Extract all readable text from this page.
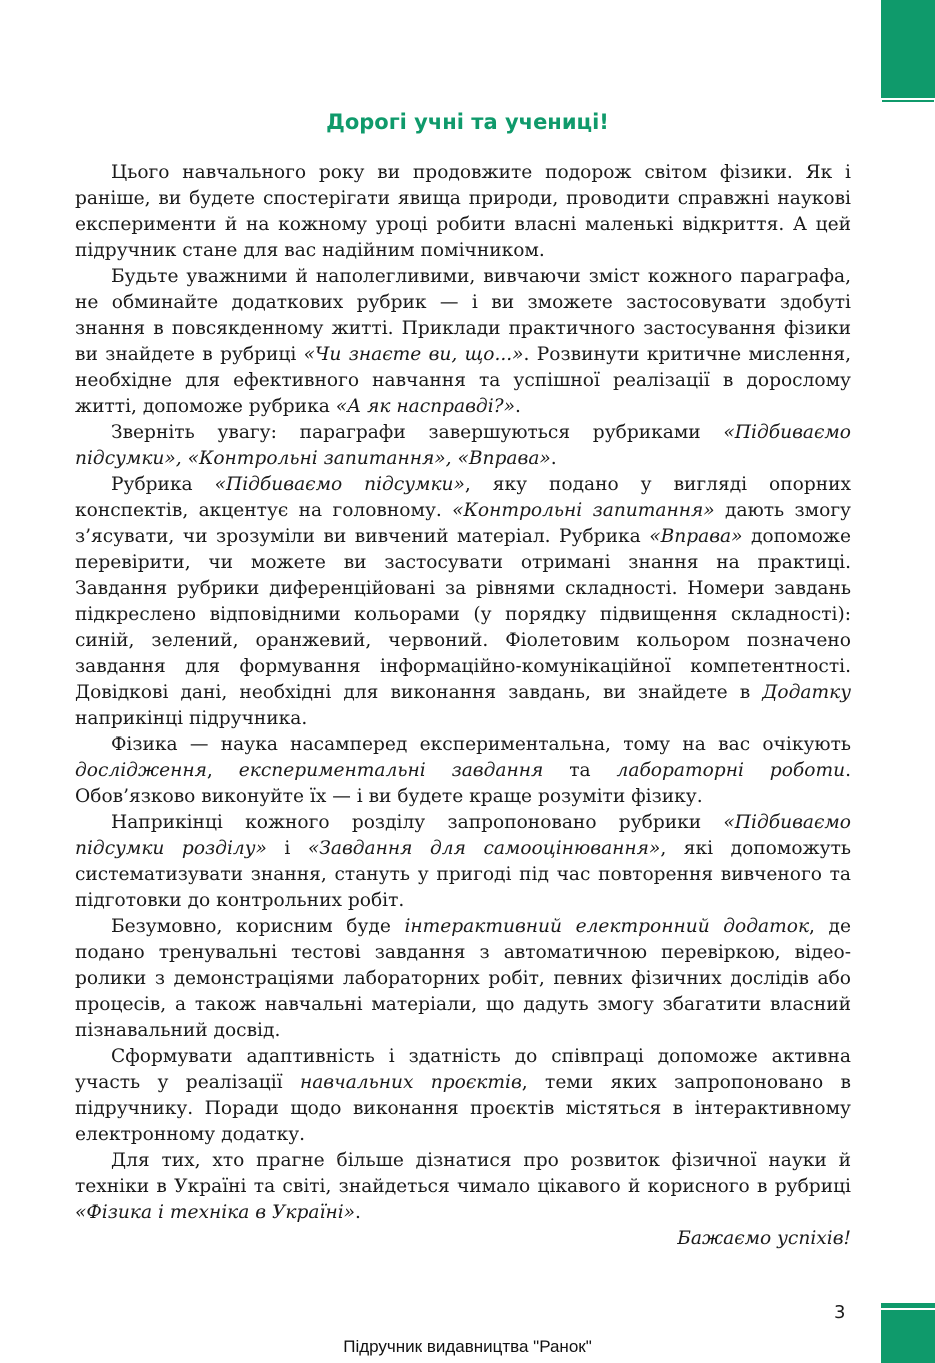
Дорогі учні та учениці!

Цього навчального року ви продовжите подорож світом фізики. Як і раніше, ви будете спостерігати явища природи, проводити справжні наукові експерименти й на кожному уроці робити власні маленькі відкриття. А цей підручник стане для вас надійним помічником.

Будьте уважними й наполегливими, вивчаючи зміст кожного параграфа, не обминайте додаткових рубрик — і ви зможете застосовувати здобуті знання в повсякденному житті. Приклади практичного застосування фізики ви знайдете в рубриці «Чи знаєте ви, що...». Розвинути критичне мислення, необхідне для ефективного навчання та успішної реалізації в дорослому житті, допоможе рубрика «А як насправді?».

Зверніть увагу: параграфи завершуються рубриками «Підбиваємо підсумки», «Контрольні запитання», «Вправа».

Рубрика «Підбиваємо підсумки», яку подано у вигляді опорних конспектів, акцентує на головному. «Контрольні запитання» дають змогу з’ясувати, чи зрозуміли ви вивчений матеріал. Рубрика «Вправа» допоможе перевірити, чи можете ви застосувати отримані знання на практиці. Завдання рубрики диференційовані за рівнями складності. Номери завдань підкреслено відповідними кольорами (у порядку підвищення складності): синій, зелений, оранжевий, червоний. Фіолетовим кольором позначено завдання для формування інформаційно-комунікаційної компетентності. Довідкові дані, необхідні для виконання завдань, ви знайдете в Додатку наприкінці підручника.

Фізика — наука насамперед експериментальна, тому на вас очікують дослідження, експериментальні завдання та лабораторні роботи. Обов’язково виконуйте їх — і ви будете краще розуміти фізику.

Наприкінці кожного розділу запропоновано рубрики «Підбиваємо підсумки розділу» і «Завдання для самооцінювання», які допоможуть систематизувати знання, стануть у пригоді під час повторення вивченого та підготовки до контрольних робіт.

Безумовно, корисним буде інтерактивний електронний додаток, де подано тренувальні тестові завдання з автоматичною перевіркою, відеоролики з демонстраціями лабораторних робіт, певних фізичних дослідів або процесів, а також навчальні матеріали, що дадуть змогу збагатити власний пізнавальний досвід.

Сформувати адаптивність і здатність до співпраці допоможе активна участь у реалізації навчальних проєктів, теми яких запропоновано в підручнику. Поради щодо виконання проєктів містяться в інтерактивному електронному додатку.

Для тих, хто прагне більше дізнатися про розвиток фізичної науки й техніки в Україні та світі, знайдеться чимало цікавого й корисного в рубриці «Фізика і техніка в Україні».

Бажаємо успіхів!

3
Підручник видавництва "Ранок"
